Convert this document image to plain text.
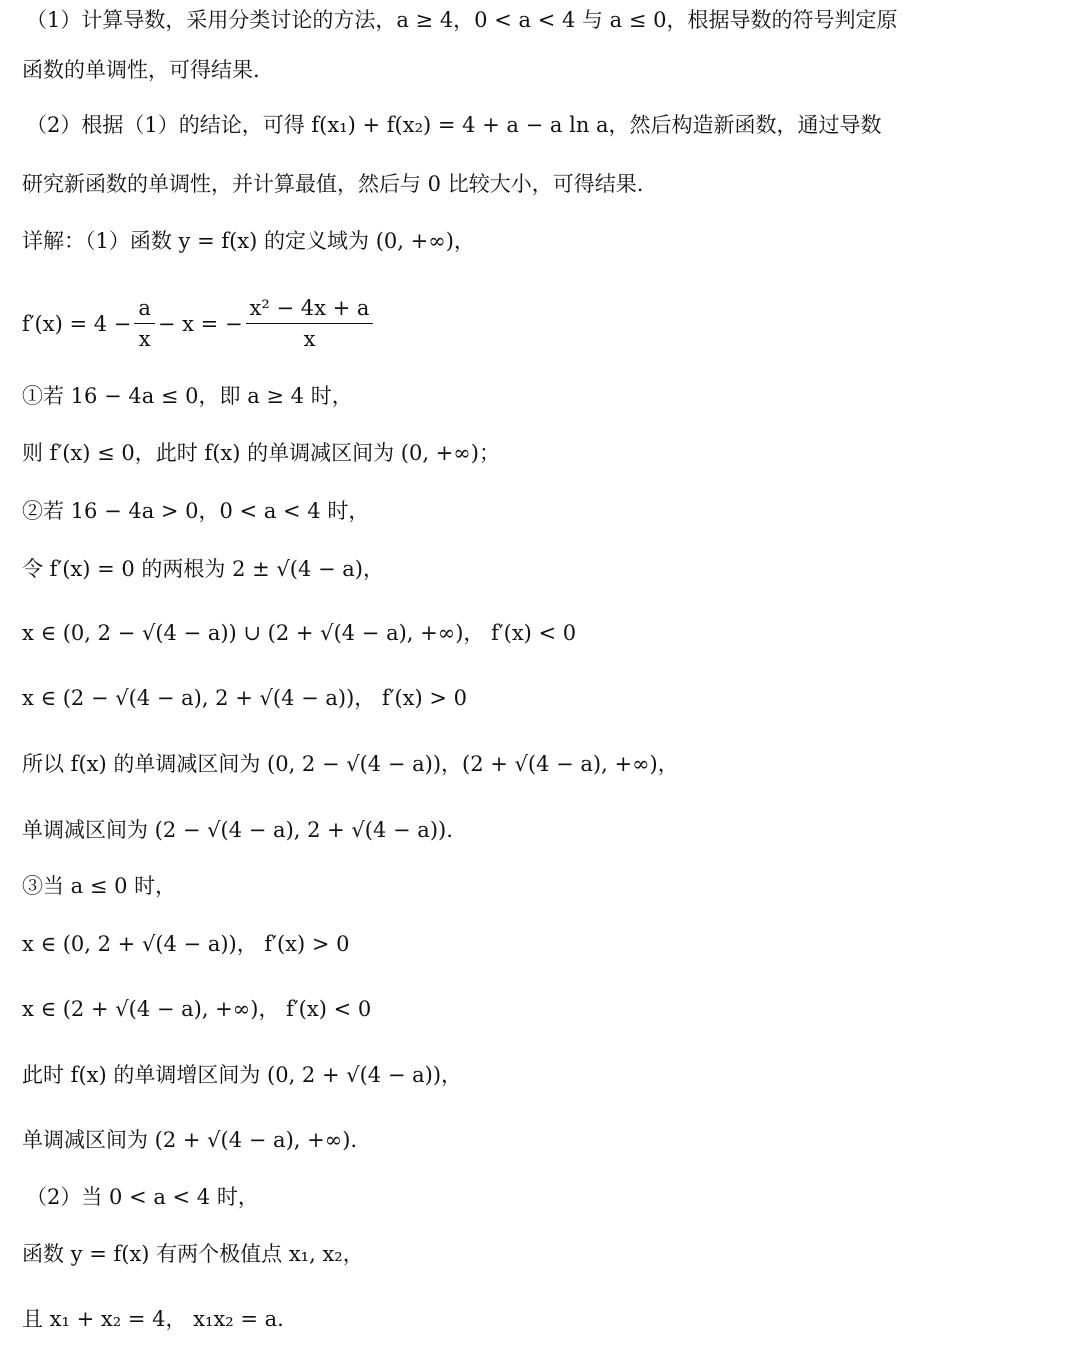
（1）计算导数，采用分类讨论的方法，a ≥ 4，0 < a < 4 与 a ≤ 0，根据导数的符号判定原
函数的单调性，可得结果.
（2）根据（1）的结论，可得 f(x₁) + f(x₂) = 4 + a − a ln a，然后构造新函数，通过导数
研究新函数的单调性，并计算最值，然后与 0 比较大小，可得结果.
详解：（1）函数 y = f(x) 的定义域为 (0, +∞)，
$f'(x) = 4 - \frac{a}{x} - x$ = − $\frac{\text{x² − 4x + a}}{x}$
①若 16 − 4a ≤ 0，即 a ≥ 4 时，
则 f′(x) ≤ 0，此时 f(x) 的单调减区间为 (0, +∞)；
②若 16 − 4a > 0，0 < a < 4 时，
令 f′(x) = 0 的两根为 2 ± √(4 − a)，
x ∈ (0, 2 − √(4 − a)) ∪ (2 + √(4 − a), +∞)， f′(x) < 0
x ∈ (2 − √(4 − a), 2 + √(4 − a))， f′(x) > 0
所以 f(x) 的单调减区间为 (0, 2 − √(4 − a))，(2 + √(4 − a), +∞)，
单调减区间为 (2 − √(4 − a), 2 + √(4 − a)).
③当 a ≤ 0 时，
x ∈ (0, 2 + √(4 − a))， f′(x) > 0
x ∈ (2 + √(4 − a), +∞)， f′(x) < 0
此时 f(x) 的单调增区间为 (0, 2 + √(4 − a))，
单调减区间为 (2 + √(4 − a), +∞).
（2）当 0 < a < 4 时，
函数 y = f(x) 有两个极值点 x₁, x₂，
且 x₁ + x₂ = 4， x₁x₂ = a.
